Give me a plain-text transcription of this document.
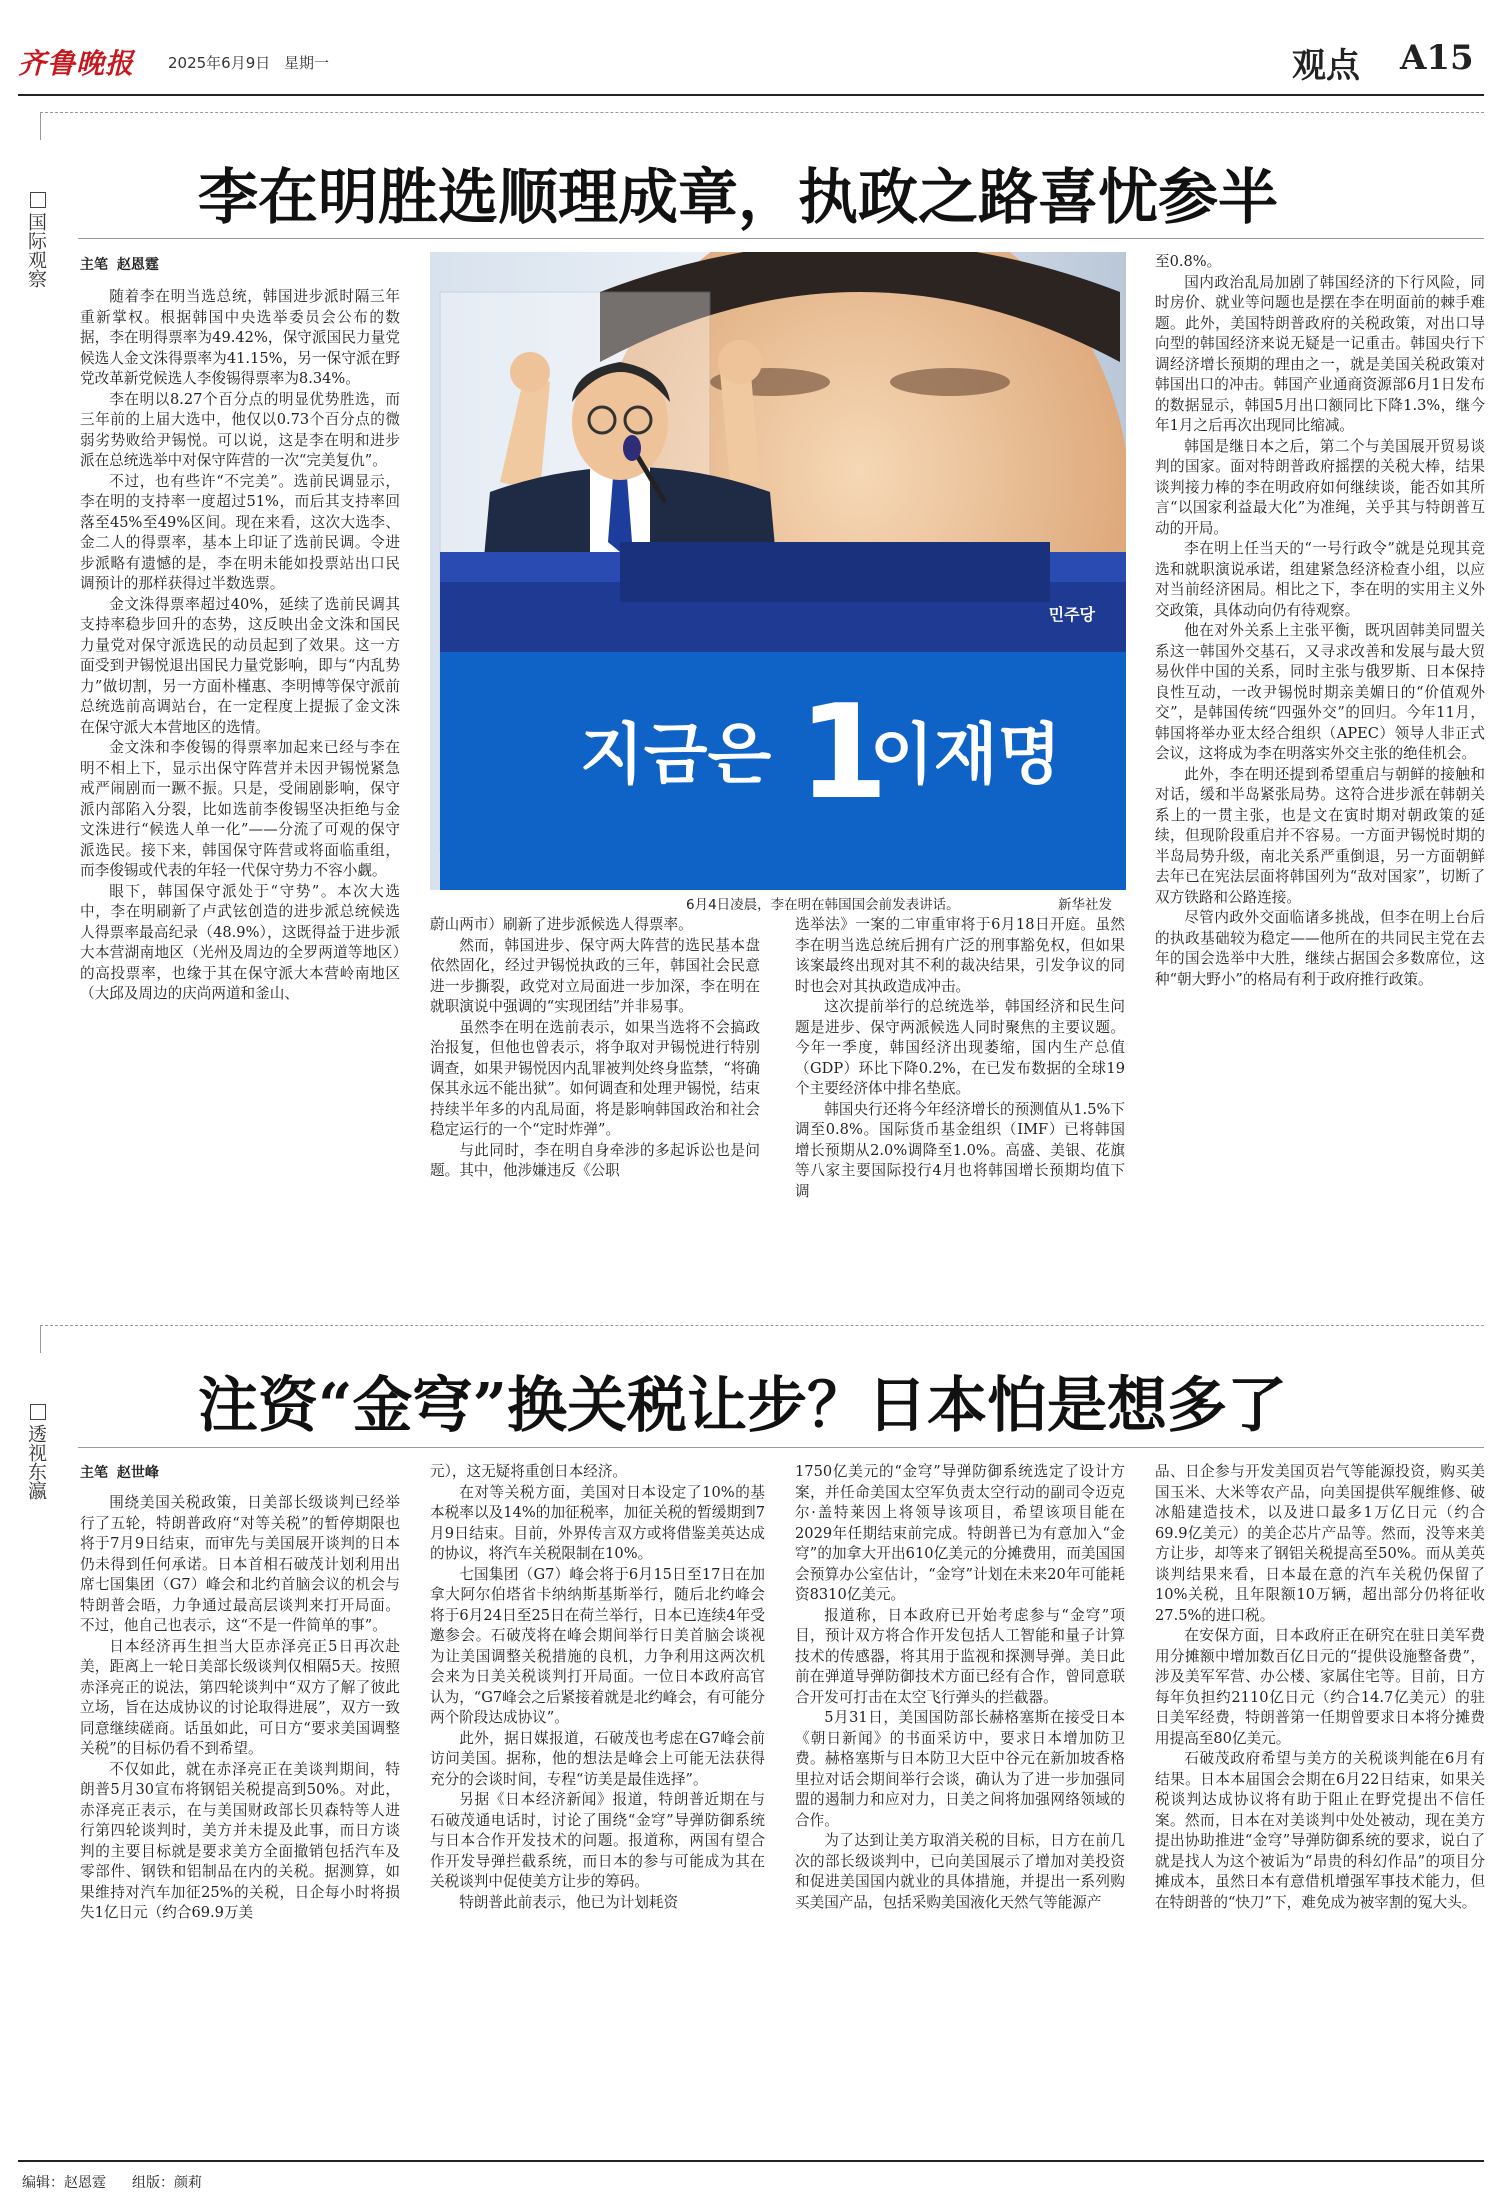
齐鲁晚报 2025年6月9日 星期一	观点 A15
国际观察
李在明胜选顺理成章，执政之路喜忧参半
主笔 赵恩霆

随着李在明当选总统，韩国进步派时隔三年重新掌权。根据韩国中央选举委员会公布的数据，李在明得票率为49.42%，保守派国民力量党候选人金文洙得票率为41.15%，另一保守派在野党改革新党候选人李俊锡得票率为8.34%。

李在明以8.27个百分点的明显优势胜选，而三年前的上届大选中，他仅以0.73个百分点的微弱劣势败给尹锡悦。可以说，这是李在明和进步派在总统选举中对保守阵营的一次“完美复仇”。

不过，也有些许“不完美”。选前民调显示，李在明的支持率一度超过51%，而后其支持率回落至45%至49%区间。现在来看，这次大选李、金二人的得票率，基本上印证了选前民调。令进步派略有遗憾的是，李在明未能如投票站出口民调预计的那样获得过半数选票。

金文洙得票率超过40%，延续了选前民调其支持率稳步回升的态势，这反映出金文洙和国民力量党对保守派选民的动员起到了效果。这一方面受到尹锡悦退出国民力量党影响，即与“内乱势力”做切割，另一方面朴槿惠、李明博等保守派前总统选前高调站台，在一定程度上提振了金文洙在保守派大本营地区的选情。

金文洙和李俊锡的得票率加起来已经与李在明不相上下，显示出保守阵营并未因尹锡悦紧急戒严闹剧而一蹶不振。只是，受闹剧影响，保守派内部陷入分裂，比如选前李俊锡坚决拒绝与金文洙进行“候选人单一化”——分流了可观的保守派选民。接下来，韩国保守阵营或将面临重组，而李俊锡或代表的年轻一代保守势力不容小觑。

眼下，韩国保守派处于“守势”。本次大选中，李在明刷新了卢武铉创造的进步派总统候选人得票率最高纪录（48.9%），这既得益于进步派大本营湖南地区（光州及周边的全罗两道等地区）的高投票率，也缘于其在保守派大本营岭南地区（大邱及周边的庆尚两道和釜山、

蔚山两市）刷新了进步派候选人得票率。

然而，韩国进步、保守两大阵营的选民基本盘依然固化，经过尹锡悦执政的三年，韩国社会民意进一步撕裂，政党对立局面进一步加深，李在明在就职演说中强调的“实现团结”并非易事。

虽然李在明在选前表示，如果当选将不会搞政治报复，但他也曾表示，将争取对尹锡悦进行特别调查，如果尹锡悦因内乱罪被判处终身监禁，“将确保其永远不能出狱”。如何调查和处理尹锡悦，结束持续半年多的内乱局面，将是影响韩国政治和社会稳定运行的一个“定时炸弹”。

与此同时，李在明自身牵涉的多起诉讼也是问题。其中，他涉嫌违反《公职

选举法》一案的二审重审将于6月18日开庭。虽然李在明当选总统后拥有广泛的刑事豁免权，但如果该案最终出现对其不利的裁决结果，引发争议的同时也会对其执政造成冲击。

这次提前举行的总统选举，韩国经济和民生问题是进步、保守两派候选人同时聚焦的主要议题。今年一季度，韩国经济出现萎缩，国内生产总值（GDP）环比下降0.2%，在已发布数据的全球19个主要经济体中排名垫底。

韩国央行还将今年经济增长的预测值从1.5%下调至0.8%。国际货币基金组织（IMF）已将韩国增长预期从2.0%调降至1.0%。高盛、美银、花旗等八家主要国际投行4月也将韩国增长预期均值下调

至0.8%。

国内政治乱局加剧了韩国经济的下行风险，同时房价、就业等问题也是摆在李在明面前的棘手难题。此外，美国特朗普政府的关税政策，对出口导向型的韩国经济来说无疑是一记重击。韩国央行下调经济增长预期的理由之一，就是美国关税政策对韩国出口的冲击。韩国产业通商资源部6月1日发布的数据显示，韩国5月出口额同比下降1.3%，继今年1月之后再次出现同比缩减。

韩国是继日本之后，第二个与美国展开贸易谈判的国家。面对特朗普政府摇摆的关税大棒，结果谈判接力棒的李在明政府如何继续谈，能否如其所言“以国家利益最大化”为准绳，关乎其与特朗普互动的开局。

李在明上任当天的“一号行政令”就是兑现其竞选和就职演说承诺，组建紧急经济检查小组，以应对当前经济困局。相比之下，李在明的实用主义外交政策，具体动向仍有待观察。

他在对外关系上主张平衡，既巩固韩美同盟关系这一韩国外交基石，又寻求改善和发展与最大贸易伙伴中国的关系，同时主张与俄罗斯、日本保持良性互动，一改尹锡悦时期亲美媚日的“价值观外交”，是韩国传统“四强外交”的回归。今年11月，韩国将举办亚太经合组织（APEC）领导人非正式会议，这将成为李在明落实外交主张的绝佳机会。

此外，李在明还提到希望重启与朝鲜的接触和对话，缓和半岛紧张局势。这符合进步派在韩朝关系上的一贯主张，也是文在寅时期对朝政策的延续，但现阶段重启并不容易。一方面尹锡悦时期的半岛局势升级，南北关系严重倒退，另一方面朝鲜去年已在宪法层面将韩国列为“敌对国家”，切断了双方铁路和公路连接。

尽管内政外交面临诸多挑战，但李在明上台后的执政基础较为稳定——他所在的共同民主党在去年的国会选举中大胜，继续占据国会多数席位，这种“朝大野小”的格局有利于政府推行政策。

민주당
지금은 1
이재명
6月4日凌晨，李在明在韩国国会前发表讲话。	新华社发
透视东瀛
注资“金穹”换关税让步？日本怕是想多了
主笔 赵世峰

围绕美国关税政策，日美部长级谈判已经举行了五轮，特朗普政府“对等关税”的暂停期限也将于7月9日结束，而审先与美国展开谈判的日本仍未得到任何承诺。日本首相石破茂计划利用出席七国集团（G7）峰会和北约首脑会议的机会与特朗普会晤，力争通过最高层谈判来打开局面。不过，他自己也表示，这“不是一件简单的事”。

日本经济再生担当大臣赤泽亮正5日再次赴美，距离上一轮日美部长级谈判仅相隔5天。按照赤泽亮正的说法，第四轮谈判中“双方了解了彼此立场，旨在达成协议的讨论取得进展”，双方一致同意继续磋商。话虽如此，可日方“要求美国调整关税”的目标仍看不到希望。

不仅如此，就在赤泽亮正在美谈判期间，特朗普5月30宣布将钢铝关税提高到50%。对此，赤泽亮正表示，在与美国财政部长贝森特等人进行第四轮谈判时，美方并未提及此事，而日方谈判的主要目标就是要求美方全面撤销包括汽车及零部件、钢铁和铝制品在内的关税。据测算，如果维持对汽车加征25%的关税，日企每小时将损失1亿日元（约合69.9万美

元），这无疑将重创日本经济。

在对等关税方面，美国对日本设定了10%的基本税率以及14%的加征税率，加征关税的暂缓期到7月9日结束。目前，外界传言双方或将借鉴美英达成的协议，将汽车关税限制在10%。

七国集团（G7）峰会将于6月15日至17日在加拿大阿尔伯塔省卡纳纳斯基斯举行，随后北约峰会将于6月24日至25日在荷兰举行，日本已连续4年受邀参会。石破茂将在峰会期间举行日美首脑会谈视为让美国调整关税措施的良机，力争利用这两次机会来为日美关税谈判打开局面。一位日本政府高官认为，“G7峰会之后紧接着就是北约峰会，有可能分两个阶段达成协议”。

此外，据日媒报道，石破茂也考虑在G7峰会前访问美国。据称，他的想法是峰会上可能无法获得充分的会谈时间，专程“访美是最佳选择”。

另据《日本经济新闻》报道，特朗普近期在与石破茂通电话时，讨论了围绕“金穹”导弹防御系统与日本合作开发技术的问题。报道称，两国有望合作开发导弹拦截系统，而日本的参与可能成为其在关税谈判中促使美方让步的筹码。

特朗普此前表示，他已为计划耗资

1750亿美元的“金穹”导弹防御系统选定了设计方案，并任命美国太空军负责太空行动的副司令迈克尔·盖特莱因上将领导该项目，希望该项目能在2029年任期结束前完成。特朗普已为有意加入“金穹”的加拿大开出610亿美元的分摊费用，而美国国会预算办公室估计，“金穹”计划在未来20年可能耗资8310亿美元。

报道称，日本政府已开始考虑参与“金穹”项目，预计双方将合作开发包括人工智能和量子计算技术的传感器，将其用于监视和探测导弹。美日此前在弹道导弹防御技术方面已经有合作，曾同意联合开发可打击在太空飞行弹头的拦截器。

5月31日，美国国防部长赫格塞斯在接受日本《朝日新闻》的书面采访中，要求日本增加防卫费。赫格塞斯与日本防卫大臣中谷元在新加坡香格里拉对话会期间举行会谈，确认为了进一步加强同盟的遏制力和应对力，日美之间将加强网络领域的合作。

为了达到让美方取消关税的目标，日方在前几次的部长级谈判中，已向美国展示了增加对美投资和促进美国国内就业的具体措施，并提出一系列购买美国产品，包括采购美国液化天然气等能源产

品、日企参与开发美国页岩气等能源投资，购买美国玉米、大米等农产品，向美国提供军舰维修、破冰船建造技术，以及进口最多1万亿日元（约合69.9亿美元）的美企芯片产品等。然而，没等来美方让步，却等来了钢铝关税提高至50%。而从美英谈判结果来看，日本最在意的汽车关税仍保留了10%关税，且年限额10万辆，超出部分仍将征收27.5%的进口税。

在安保方面，日本政府正在研究在驻日美军费用分摊额中增加数百亿日元的“提供设施整备费”，涉及美军军营、办公楼、家属住宅等。目前，日方每年负担约2110亿日元（约合14.7亿美元）的驻日美军经费，特朗普第一任期曾要求日本将分摊费用提高至80亿美元。

石破茂政府希望与美方的关税谈判能在6月有结果。日本本届国会会期在6月22日结束，如果关税谈判达成协议将有助于阻止在野党提出不信任案。然而，日本在对美谈判中处处被动，现在美方提出协助推进“金穹”导弹防御系统的要求，说白了就是找人为这个被诟为“昂贵的科幻作品”的项目分摊成本，虽然日本有意借机增强军事技术能力，但在特朗普的“快刀”下，难免成为被宰割的冤大头。

编辑：赵恩霆 组版：颜莉
